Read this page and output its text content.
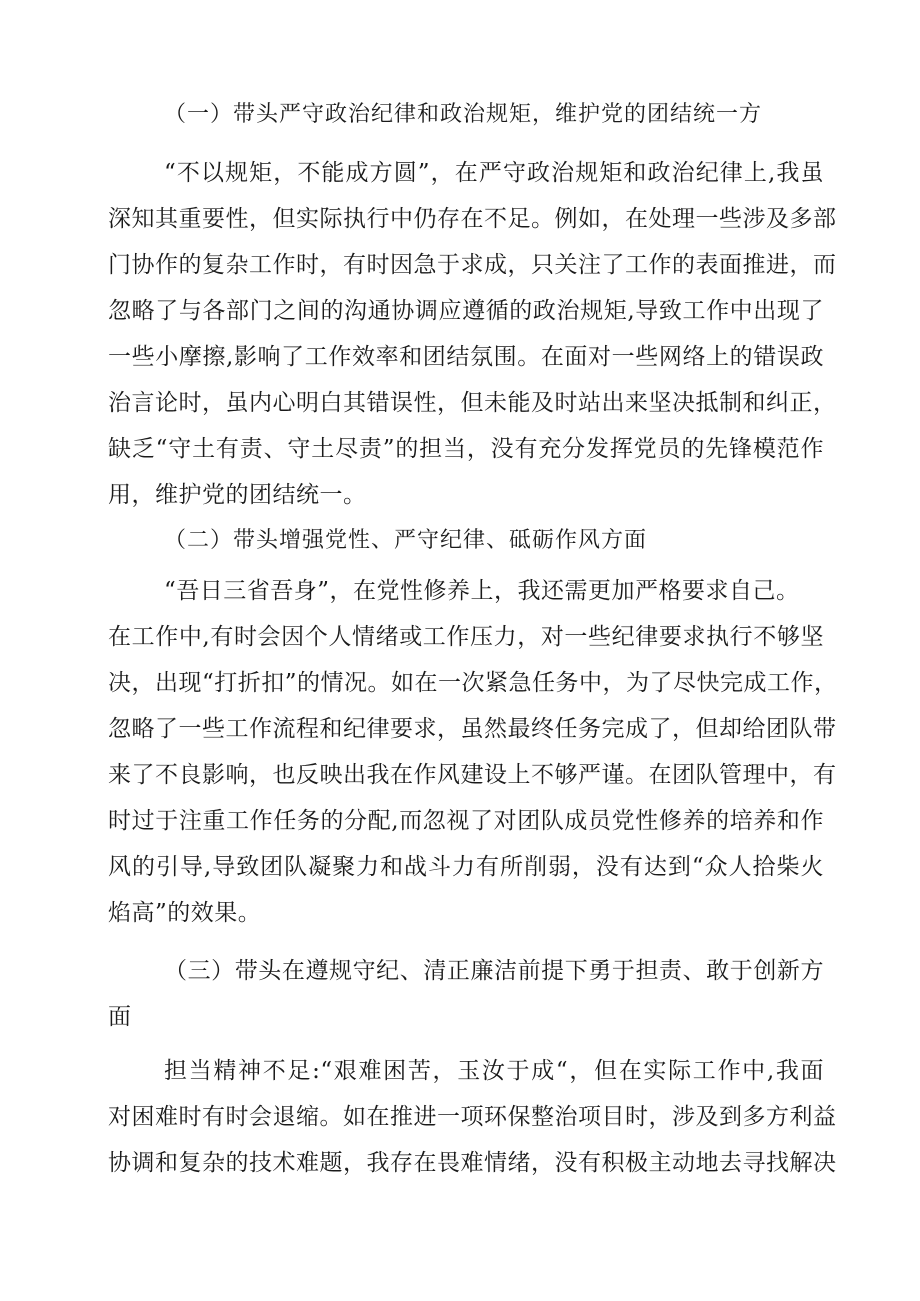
（一）带头严守政治纪律和政治规矩，维护党的团结统一方
“不以规矩，不能成方圆”，在严守政治规矩和政治纪律上,我虽
深知其重要性，但实际执行中仍存在不足。例如，在处理一些涉及多部
门协作的复杂工作时，有时因急于求成，只关注了工作的表面推进，而
忽略了与各部门之间的沟通协调应遵循的政治规矩,导致工作中出现了
一些小摩擦,影响了工作效率和团结氛围。在面对一些网络上的错误政
治言论时，虽内心明白其错误性，但未能及时站出来坚决抵制和纠正，
缺乏“守土有责、守土尽责”的担当，没有充分发挥党员的先锋模范作
用，维护党的团结统一。
（二）带头增强党性、严守纪律、砥砺作风方面
“吾日三省吾身”，在党性修养上，我还需更加严格要求自己。
在工作中,有时会因个人情绪或工作压力，对一些纪律要求执行不够坚
决，出现“打折扣”的情况。如在一次紧急任务中，为了尽快完成工作，
忽略了一些工作流程和纪律要求，虽然最终任务完成了，但却给团队带
来了不良影响，也反映出我在作风建设上不够严谨。在团队管理中，有
时过于注重工作任务的分配,而忽视了对团队成员党性修养的培养和作
风的引导,导致团队凝聚力和战斗力有所削弱，没有达到“众人拾柴火
焰高”的效果。
（三）带头在遵规守纪、清正廉洁前提下勇于担责、敢于创新方
面
担当精神不足:“艰难困苦，玉汝于成“，但在实际工作中,我面
对困难时有时会退缩。如在推进一项环保整治项目时，涉及到多方利益
协调和复杂的技术难题，我存在畏难情绪，没有积极主动地去寻找解决
